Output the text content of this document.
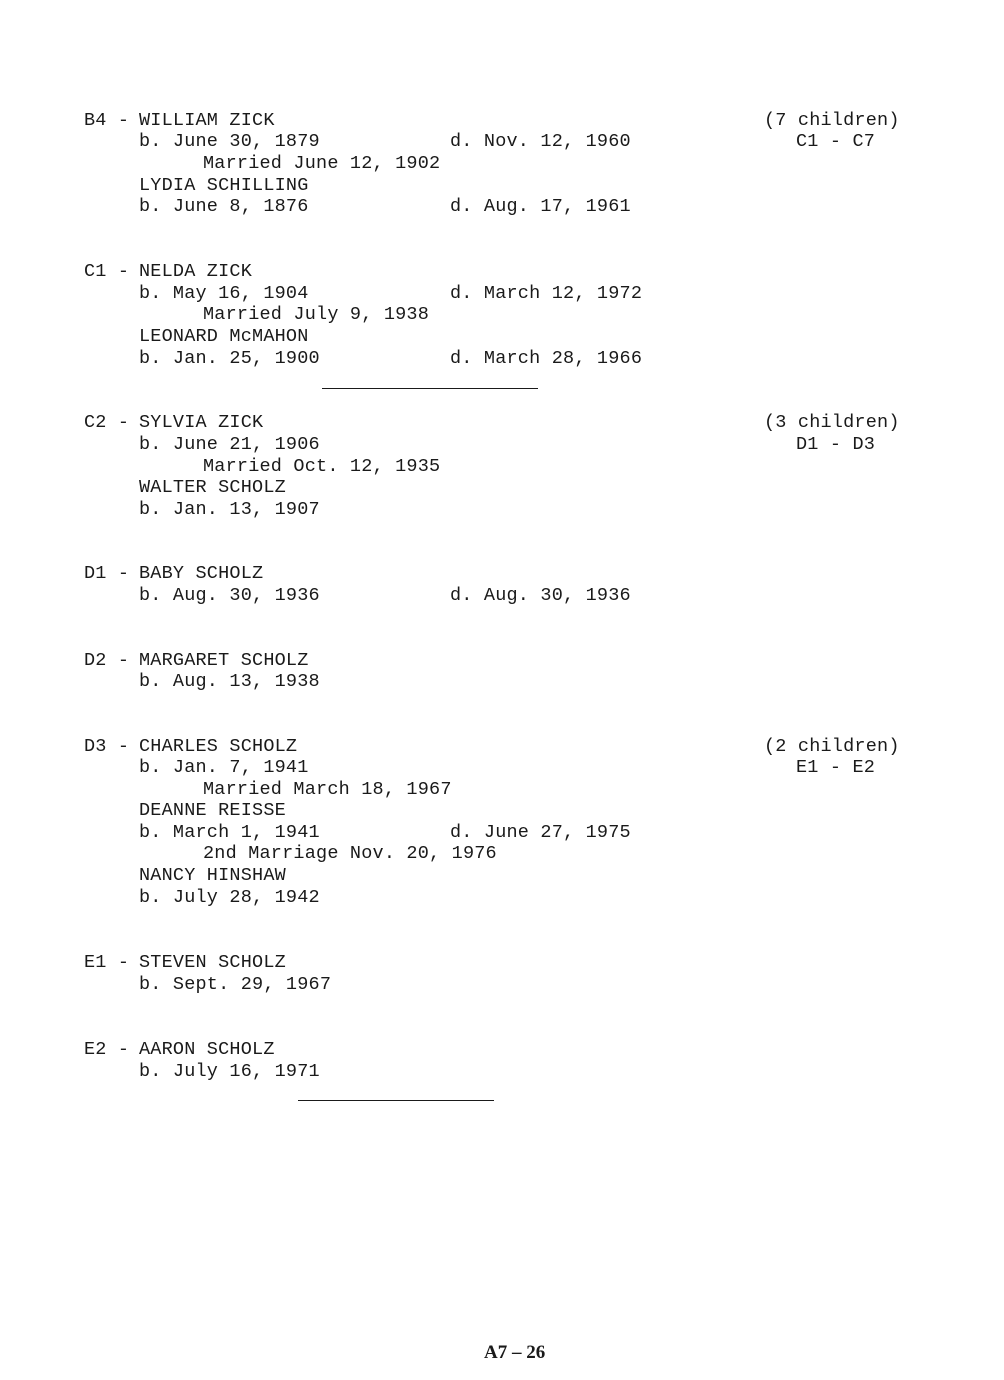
B4 - WILLIAM ZICK
b. June 30, 1879	d. Nov. 12, 1960
Married June 12, 1902
LYDIA SCHILLING
b. June 8, 1876	d. Aug. 17, 1961
(7 children)
C1 - C7
C1 - NELDA ZICK
b. May 16, 1904	d. March 12, 1972
Married July 9, 1938
LEONARD McMAHON
b. Jan. 25, 1900	d. March 28, 1966
C2 - SYLVIA ZICK
b. June 21, 1906
Married Oct. 12, 1935
WALTER SCHOLZ
b. Jan. 13, 1907
(3 children)
D1 - D3
D1 - BABY SCHOLZ
b. Aug. 30, 1936	d. Aug. 30, 1936
D2 - MARGARET SCHOLZ
b. Aug. 13, 1938
D3 - CHARLES SCHOLZ
b. Jan. 7, 1941
Married March 18, 1967
DEANNE REISSE
b. March 1, 1941	d. June 27, 1975
2nd Marriage Nov. 20, 1976
NANCY HINSHAW
b. July 28, 1942
(2 children)
E1 - E2
E1 - STEVEN SCHOLZ
b. Sept. 29, 1967
E2 - AARON SCHOLZ
b. July 16, 1971
A7 – 26
